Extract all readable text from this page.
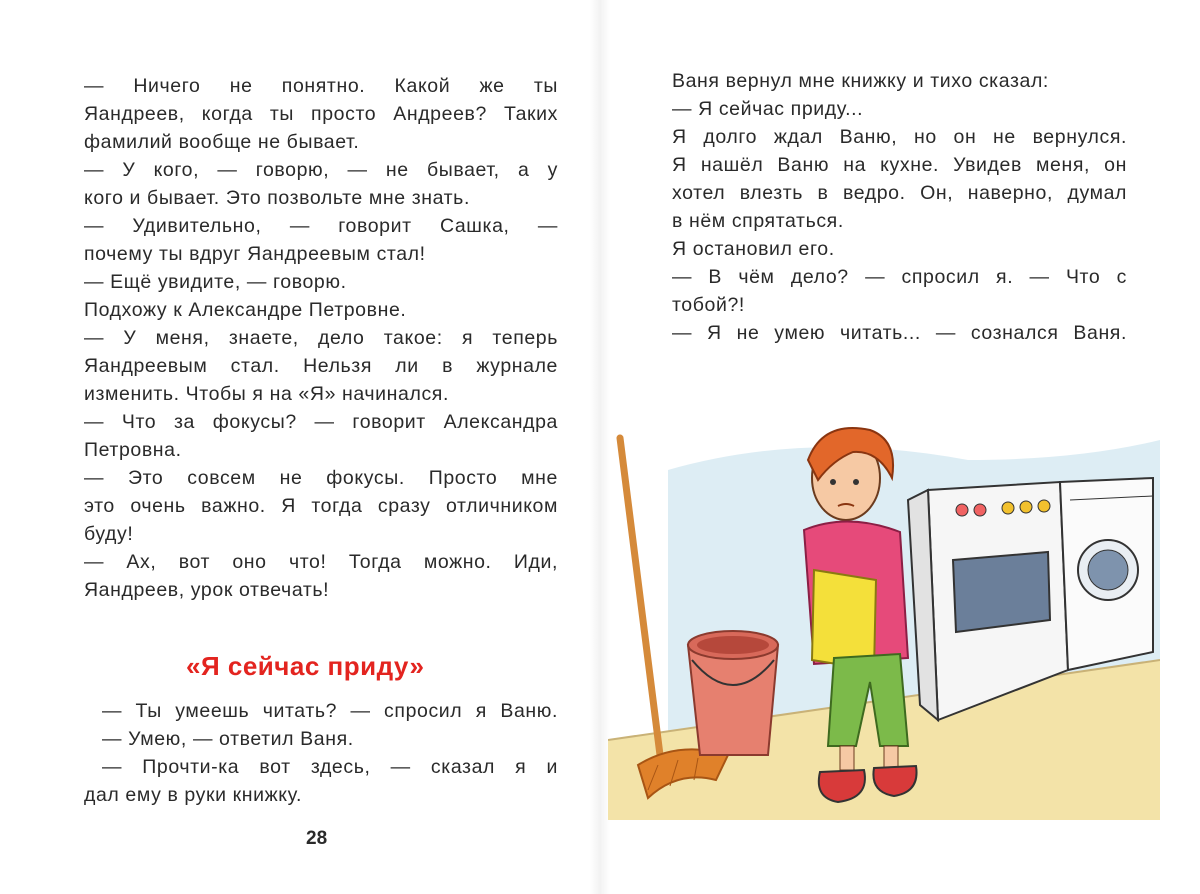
— Ничего не понятно. Какой же ты
Яандреев, когда ты просто Андреев? Таких
фамилий вообще не бывает.
— У кого, — говорю, — не бывает, а у
кого и бывает. Это позвольте мне знать.
— Удивительно, — говорит Сашка, —
почему ты вдруг Яандреевым стал!
— Ещё увидите, — говорю.
Подхожу к Александре Петровне.
— У меня, знаете, дело такое: я теперь
Яандреевым стал. Нельзя ли в журнале
изменить. Чтобы я на «Я» начинался.
— Что за фокусы? — говорит Александра
Петровна.
— Это совсем не фокусы. Просто мне
это очень важно. Я тогда сразу отличником
буду!
— Ах, вот оно что! Тогда можно. Иди,
Яандреев, урок отвечать!
«Я сейчас приду»
— Ты умеешь читать? — спросил я Ваню.
— Умею, — ответил Ваня.
— Прочти-ка вот здесь, — сказал я и
дал ему в руки книжку.
28
Ваня вернул мне книжку и тихо сказал:
— Я сейчас приду...
Я долго ждал Ваню, но он не вернулся.
Я нашёл Ваню на кухне. Увидев меня, он
хотел влезть в ведро. Он, наверно, думал
в нём спрятаться.
Я остановил его.
— В чём дело? — спросил я. — Что с
тобой?!
— Я не умею читать... — сознался Ваня.
